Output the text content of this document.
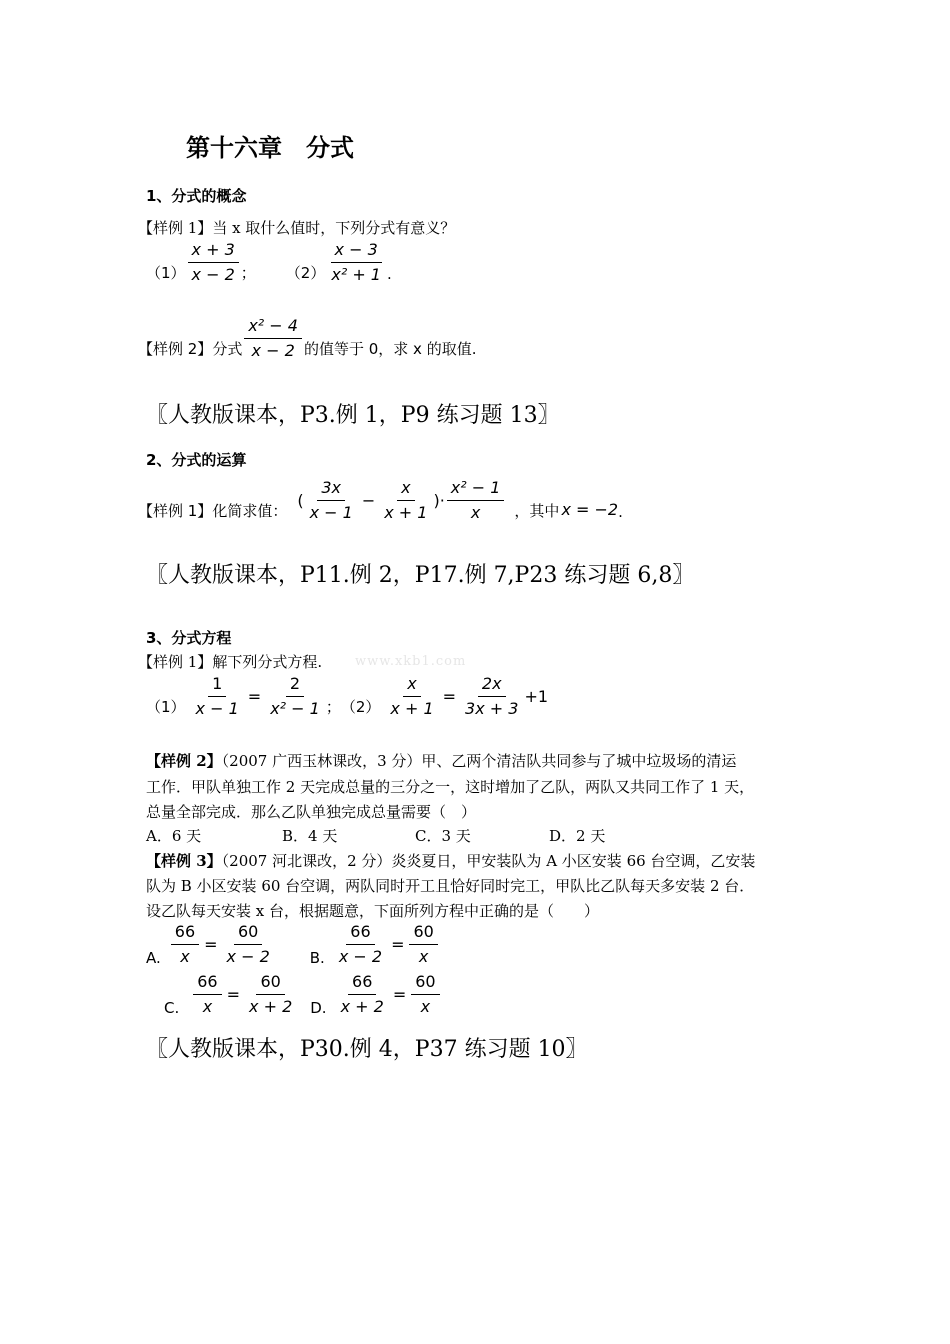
第十六章　分式
1、分式的概念
【样例 1】当 x 取什么值时，下列分式有意义？
$(1) \frac{x + 3}{x - 2}$ ； $(2) \frac{x - 3}{\text{x² + 1}}$ .
【样例 2】 分式 $\frac{\text{x² − 4}}{x - 2}$ 的值等于 0，求 x 的取值.
〖人教版课本，P3.例 1，P9 练习题 13〗
2、分式的运算
【样例 1】 化简求值：
( $\frac{3x}{x - 1} - \frac{x}{x + 1}$ )· $\frac{\text{x² − 1}}{x}$ ，其中 x = −2 .
〖人教版课本，P11.例 2，P17.例 7,P23 练习题 6,8〗
3、分式方程
【样例 1】解下列分式方程.	www.xkb1.com
$(1) \frac{1}{x - 1} = \frac{2}{\text{x² − 1}}$ ； $(2) \frac{x}{x + 1} = \frac{2x}{3x + 3} +1$
【样例 2】（2007 广西玉林课改，3 分）甲、乙两个清洁队共同参与了城中垃圾场的清运
工作．甲队单独工作 2 天完成总量的三分之一，这时增加了乙队，两队又共同工作了 1 天，
总量全部完成．那么乙队单独完成总量需要（　）
A．6 天	B．4 天	C．3 天	D．2 天
【样例 3】（2007 河北课改，2 分）炎炎夏日，甲安装队为 A 小区安装 66 台空调，乙安装
队为 B 小区安装 60 台空调，两队同时开工且恰好同时完工，甲队比乙队每天多安装 2 台．
设乙队每天安装 x 台，根据题意，下面所列方程中正确的是（　　）
A. $\frac{66}{x} = \frac{60}{x - 2} B$. $\frac{66}{x - 2} = \frac{60}{x}$
C. $\frac{66}{x} = \frac{60}{x + 2} D$. $\frac{66}{x + 2} = \frac{60}{x}$
〖人教版课本，P30.例 4，P37 练习题 10〗
